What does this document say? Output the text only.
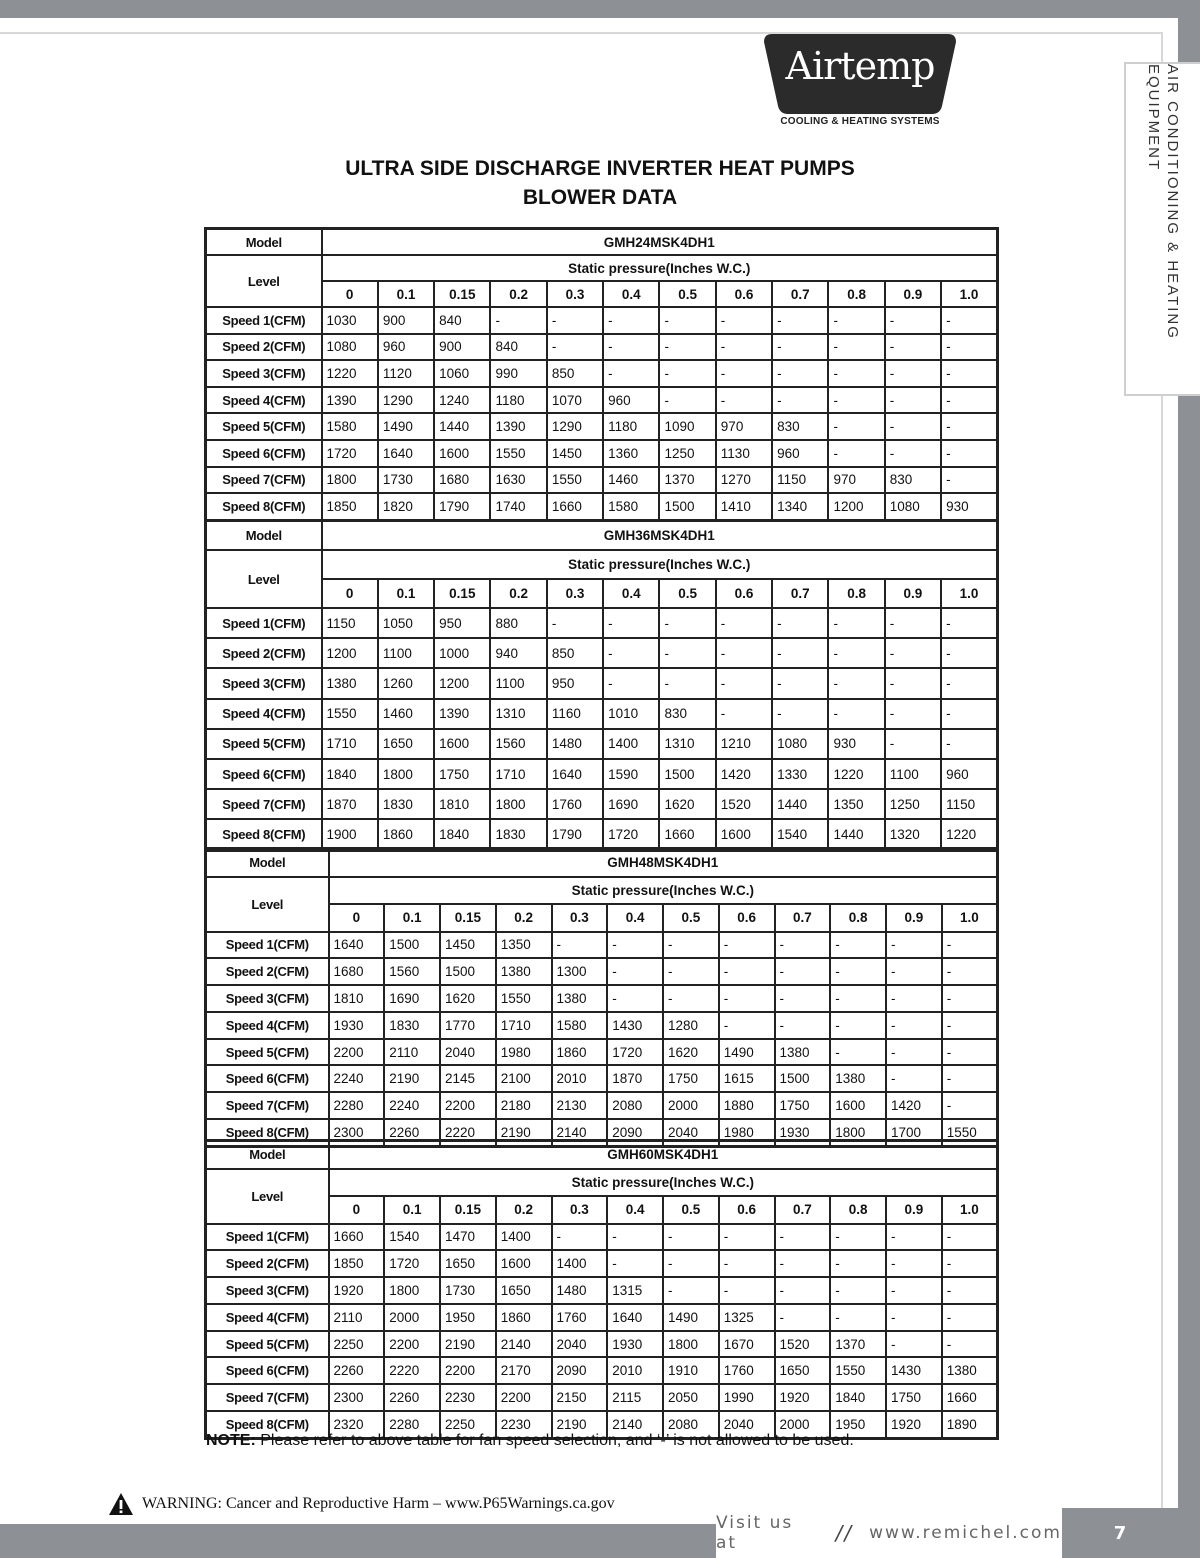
AIR CONDITIONING & HEATING EQUIPMENT
Airtemp
COOLING & HEATING SYSTEMS
ULTRA SIDE DISCHARGE INVERTER HEAT PUMPS
BLOWER DATA
Model	GMH24MSK4DH1											
Level	Static pressure(Inches W.C.)											
	0	0.1	0.15	0.2	0.3	0.4	0.5	0.6	0.7	0.8	0.9	1.0
Speed 1(CFM)	1030	900	840	-	-	-	-	-	-	-	-	-
Speed 2(CFM)	1080	960	900	840	-	-	-	-	-	-	-	-
Speed 3(CFM)	1220	1120	1060	990	850	-	-	-	-	-	-	-
Speed 4(CFM)	1390	1290	1240	1180	1070	960	-	-	-	-	-	-
Speed 5(CFM)	1580	1490	1440	1390	1290	1180	1090	970	830	-	-	-
Speed 6(CFM)	1720	1640	1600	1550	1450	1360	1250	1130	960	-	-	-
Speed 7(CFM)	1800	1730	1680	1630	1550	1460	1370	1270	1150	970	830	-
Speed 8(CFM)	1850	1820	1790	1740	1660	1580	1500	1410	1340	1200	1080	930
Model	GMH36MSK4DH1											
Level	Static pressure(Inches W.C.)											
	0	0.1	0.15	0.2	0.3	0.4	0.5	0.6	0.7	0.8	0.9	1.0
Speed 1(CFM)	1150	1050	950	880	-	-	-	-	-	-	-	-
Speed 2(CFM)	1200	1100	1000	940	850	-	-	-	-	-	-	-
Speed 3(CFM)	1380	1260	1200	1100	950	-	-	-	-	-	-	-
Speed 4(CFM)	1550	1460	1390	1310	1160	1010	830	-	-	-	-	-
Speed 5(CFM)	1710	1650	1600	1560	1480	1400	1310	1210	1080	930	-	-
Speed 6(CFM)	1840	1800	1750	1710	1640	1590	1500	1420	1330	1220	1100	960
Speed 7(CFM)	1870	1830	1810	1800	1760	1690	1620	1520	1440	1350	1250	1150
Speed 8(CFM)	1900	1860	1840	1830	1790	1720	1660	1600	1540	1440	1320	1220
Model	GMH48MSK4DH1											
Level	Static pressure(Inches W.C.)											
	0	0.1	0.15	0.2	0.3	0.4	0.5	0.6	0.7	0.8	0.9	1.0
Speed 1(CFM)	1640	1500	1450	1350	-	-	-	-	-	-	-	-
Speed 2(CFM)	1680	1560	1500	1380	1300	-	-	-	-	-	-	-
Speed 3(CFM)	1810	1690	1620	1550	1380	-	-	-	-	-	-	-
Speed 4(CFM)	1930	1830	1770	1710	1580	1430	1280	-	-	-	-	-
Speed 5(CFM)	2200	2110	2040	1980	1860	1720	1620	1490	1380	-	-	-
Speed 6(CFM)	2240	2190	2145	2100	2010	1870	1750	1615	1500	1380	-	-
Speed 7(CFM)	2280	2240	2200	2180	2130	2080	2000	1880	1750	1600	1420	-
Speed 8(CFM)	2300	2260	2220	2190	2140	2090	2040	1980	1930	1800	1700	1550
Model	GMH60MSK4DH1											
Level	Static pressure(Inches W.C.)											
	0	0.1	0.15	0.2	0.3	0.4	0.5	0.6	0.7	0.8	0.9	1.0
Speed 1(CFM)	1660	1540	1470	1400	-	-	-	-	-	-	-	-
Speed 2(CFM)	1850	1720	1650	1600	1400	-	-	-	-	-	-	-
Speed 3(CFM)	1920	1800	1730	1650	1480	1315	-	-	-	-	-	-
Speed 4(CFM)	2110	2000	1950	1860	1760	1640	1490	1325	-	-	-	-
Speed 5(CFM)	2250	2200	2190	2140	2040	1930	1800	1670	1520	1370	-	-
Speed 6(CFM)	2260	2220	2200	2170	2090	2010	1910	1760	1650	1550	1430	1380
Speed 7(CFM)	2300	2260	2230	2200	2150	2115	2050	1990	1920	1840	1750	1660
Speed 8(CFM)	2320	2280	2250	2230	2190	2140	2080	2040	2000	1950	1920	1890
NOTE: Please refer to above table for fan speed selection, and ‘-’ is not allowed to be used.
WARNING: Cancer and Reproductive Harm – www.P65Warnings.ca.gov
Visit us at	// www.remichel.com	7
